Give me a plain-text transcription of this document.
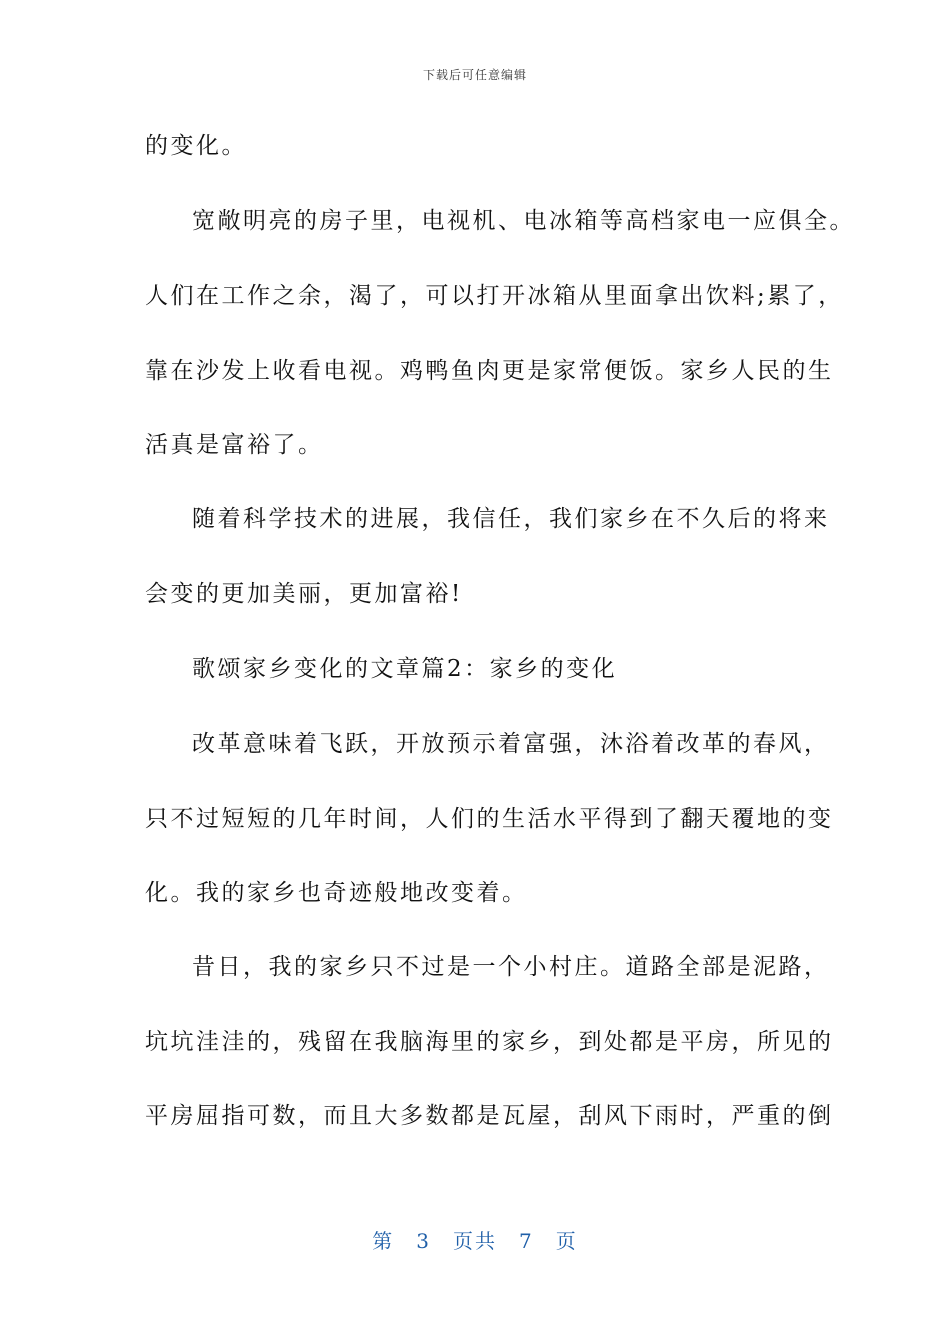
下载后可任意编辑
的变化。
宽敞明亮的房子里，电视机、电冰箱等高档家电一应俱全。
人们在工作之余，渴了，可以打开冰箱从里面拿出饮料;累了，
靠在沙发上收看电视。鸡鸭鱼肉更是家常便饭。家乡人民的生
活真是富裕了。
随着科学技术的进展，我信任，我们家乡在不久后的将来
会变的更加美丽，更加富裕!
歌颂家乡变化的文章篇2：家乡的变化
改革意味着飞跃，开放预示着富强，沐浴着改革的春风，
只不过短短的几年时间，人们的生活水平得到了翻天覆地的变
化。我的家乡也奇迹般地改变着。
昔日，我的家乡只不过是一个小村庄。道路全部是泥路，
坑坑洼洼的，残留在我脑海里的家乡，到处都是平房，所见的
平房屈指可数，而且大多数都是瓦屋，刮风下雨时，严重的倒
第 3 页共 7 页
